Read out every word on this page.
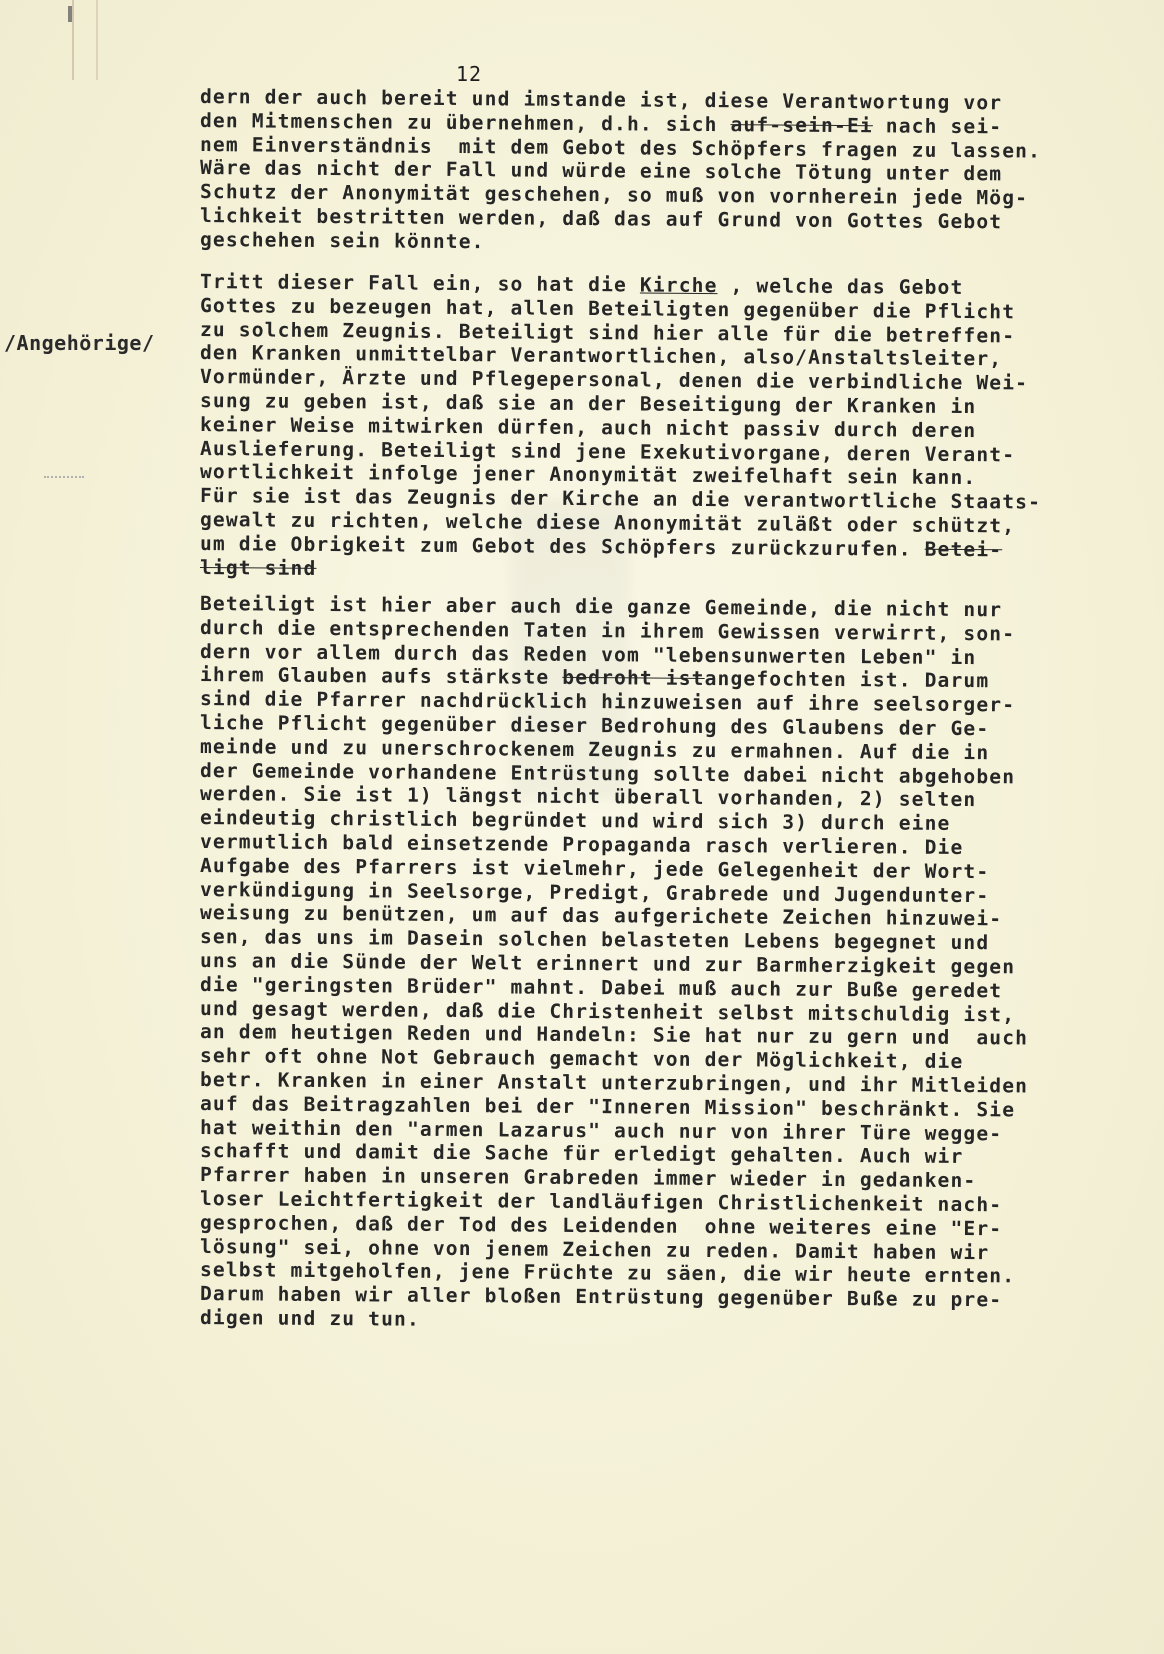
12
/Angehörige/
dern der auch bereit und imstande ist, diese Verantwortung vor
den Mitmenschen zu übernehmen, d.h. sich auf-sein-Ei nach sei-
nem Einverständnis  mit dem Gebot des Schöpfers fragen zu lassen.
Wäre das nicht der Fall und würde eine solche Tötung unter dem
Schutz der Anonymität geschehen, so muß von vornherein jede Mög-
lichkeit bestritten werden, daß das auf Grund von Gottes Gebot
geschehen sein könnte.
Tritt dieser Fall ein, so hat die Kirche , welche das Gebot
Gottes zu bezeugen hat, allen Beteiligten gegenüber die Pflicht
zu solchem Zeugnis. Beteiligt sind hier alle für die betreffen-
den Kranken unmittelbar Verantwortlichen, also/Anstaltsleiter,
Vormünder, Ärzte und Pflegepersonal, denen die verbindliche Wei-
sung zu geben ist, daß sie an der Beseitigung der Kranken in
keiner Weise mitwirken dürfen, auch nicht passiv durch deren
Auslieferung. Beteiligt sind jene Exekutivorgane, deren Verant-
wortlichkeit infolge jener Anonymität zweifelhaft sein kann.
Für sie ist das Zeugnis der Kirche an die verantwortliche Staats-
gewalt zu richten, welche diese Anonymität zuläßt oder schützt,
um die Obrigkeit zum Gebot des Schöpfers zurückzurufen. Betei-
ligt sind
Beteiligt ist hier aber auch die ganze Gemeinde, die nicht nur
durch die entsprechenden Taten in ihrem Gewissen verwirrt, son-
dern vor allem durch das Reden vom "lebensunwerten Leben" in
ihrem Glauben aufs stärkste bedroht istangefochten ist. Darum
sind die Pfarrer nachdrücklich hinzuweisen auf ihre seelsorger-
liche Pflicht gegenüber dieser Bedrohung des Glaubens der Ge-
meinde und zu unerschrockenem Zeugnis zu ermahnen. Auf die in
der Gemeinde vorhandene Entrüstung sollte dabei nicht abgehoben
werden. Sie ist 1) längst nicht überall vorhanden, 2) selten
eindeutig christlich begründet und wird sich 3) durch eine
vermutlich bald einsetzende Propaganda rasch verlieren. Die
Aufgabe des Pfarrers ist vielmehr, jede Gelegenheit der Wort-
verkündigung in Seelsorge, Predigt, Grabrede und Jugendunter-
weisung zu benützen, um auf das aufgerichete Zeichen hinzuwei-
sen, das uns im Dasein solchen belasteten Lebens begegnet und
uns an die Sünde der Welt erinnert und zur Barmherzigkeit gegen
die "geringsten Brüder" mahnt. Dabei muß auch zur Buße geredet
und gesagt werden, daß die Christenheit selbst mitschuldig ist,
an dem heutigen Reden und Handeln: Sie hat nur zu gern und  auch
sehr oft ohne Not Gebrauch gemacht von der Möglichkeit, die
betr. Kranken in einer Anstalt unterzubringen, und ihr Mitleiden
auf das Beitragzahlen bei der "Inneren Mission" beschränkt. Sie
hat weithin den "armen Lazarus" auch nur von ihrer Türe wegge-
schafft und damit die Sache für erledigt gehalten. Auch wir
Pfarrer haben in unseren Grabreden immer wieder in gedanken-
loser Leichtfertigkeit der landläufigen Christlichenkeit nach-
gesprochen, daß der Tod des Leidenden  ohne weiteres eine "Er-
lösung" sei, ohne von jenem Zeichen zu reden. Damit haben wir
selbst mitgeholfen, jene Früchte zu säen, die wir heute ernten.
Darum haben wir aller bloßen Entrüstung gegenüber Buße zu pre-
digen und zu tun.
